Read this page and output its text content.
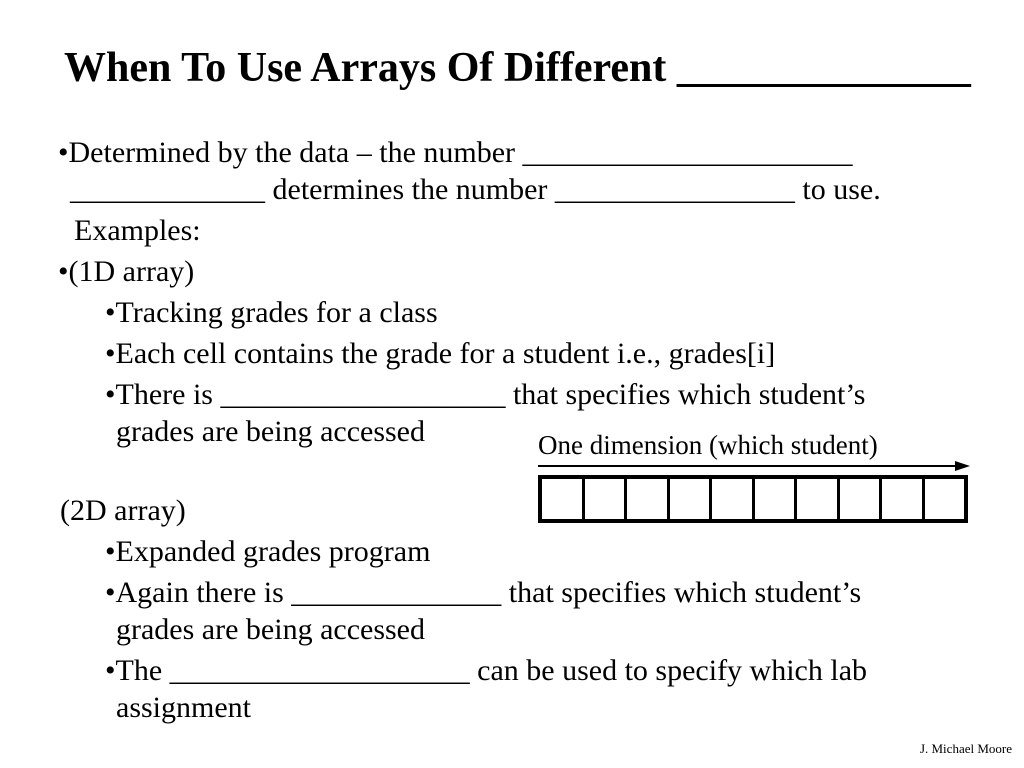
When To Use Arrays Of Different ______________
•Determined by the data – the number ______________________
_____________ determines the number ________________ to use.
Examples:
•(1D array)
•Tracking grades for a class
•Each cell contains the grade for a student i.e., grades[i]
•There is ___________________ that specifies which student’s
grades are being accessed
(2D array)
•Expanded grades program
•Again there is ______________ that specifies which student’s
grades are being accessed
•The ____________________ can be used to specify which lab
assignment
One dimension (which student)
J. Michael Moore
